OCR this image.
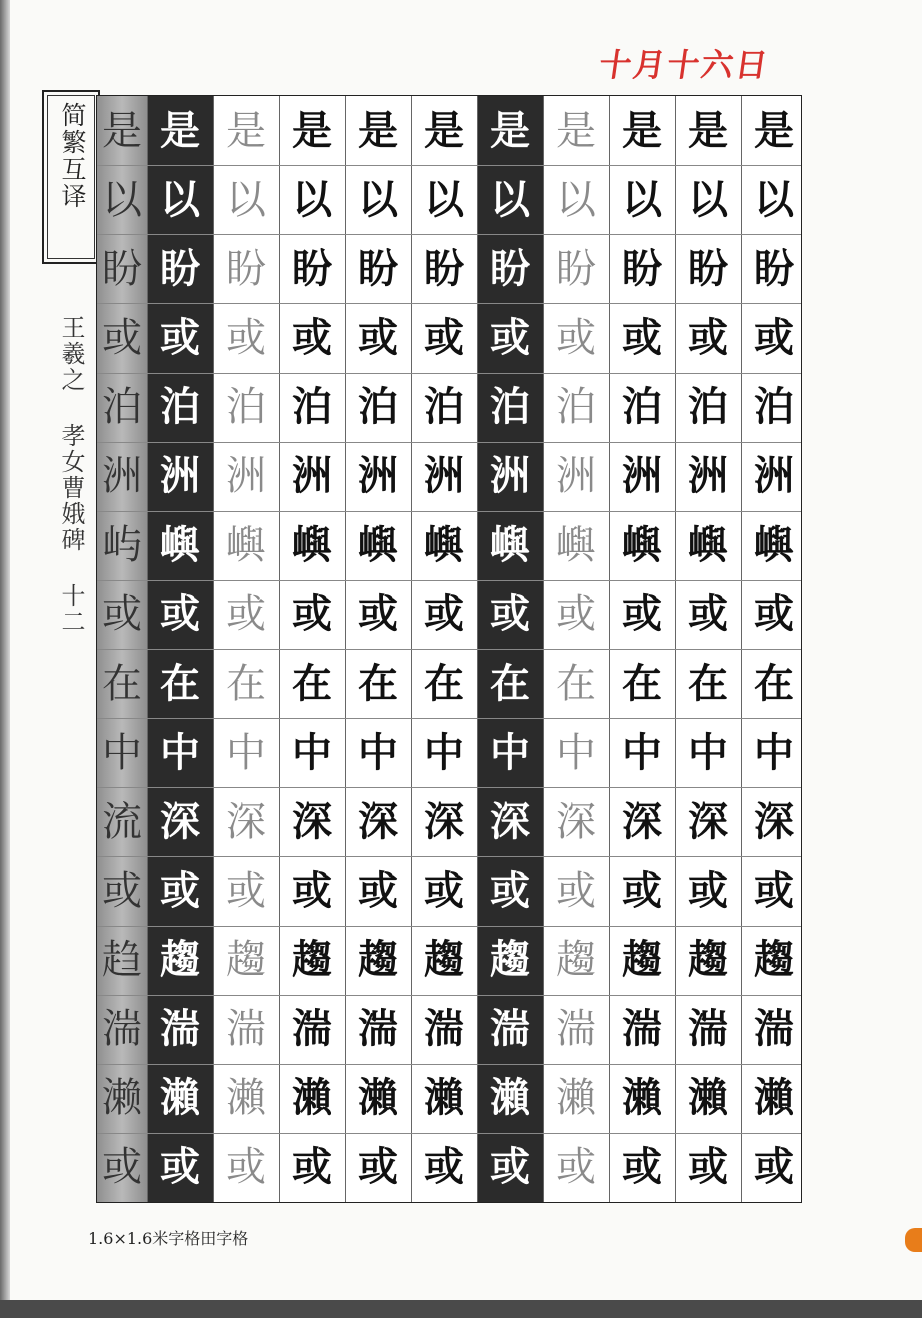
十月十六日
简繁互译
王羲之 孝女曹娥碑 十二
是
以
盼
或
泊
洲
屿
或
在
中
流
或
趋
湍
濑
或
是
以
盼
或
泊
洲
嶼
或
在
中
深
或
趨
湍
瀨
或
是
以
盼
或
泊
洲
嶼
或
在
中
深
或
趨
湍
瀨
或
是
以
盼
或
泊
洲
嶼
或
在
中
深
或
趨
湍
瀨
或
是
以
盼
或
泊
洲
嶼
或
在
中
深
或
趨
湍
瀨
或
是
以
盼
或
泊
洲
嶼
或
在
中
深
或
趨
湍
瀨
或
是
以
盼
或
泊
洲
嶼
或
在
中
深
或
趨
湍
瀨
或
是
以
盼
或
泊
洲
嶼
或
在
中
深
或
趨
湍
瀨
或
是
以
盼
或
泊
洲
嶼
或
在
中
深
或
趨
湍
瀨
或
是
以
盼
或
泊
洲
嶼
或
在
中
深
或
趨
湍
瀨
或
是
以
盼
或
泊
洲
嶼
或
在
中
深
或
趨
湍
瀨
或
1.6×1.6米字格田字格
